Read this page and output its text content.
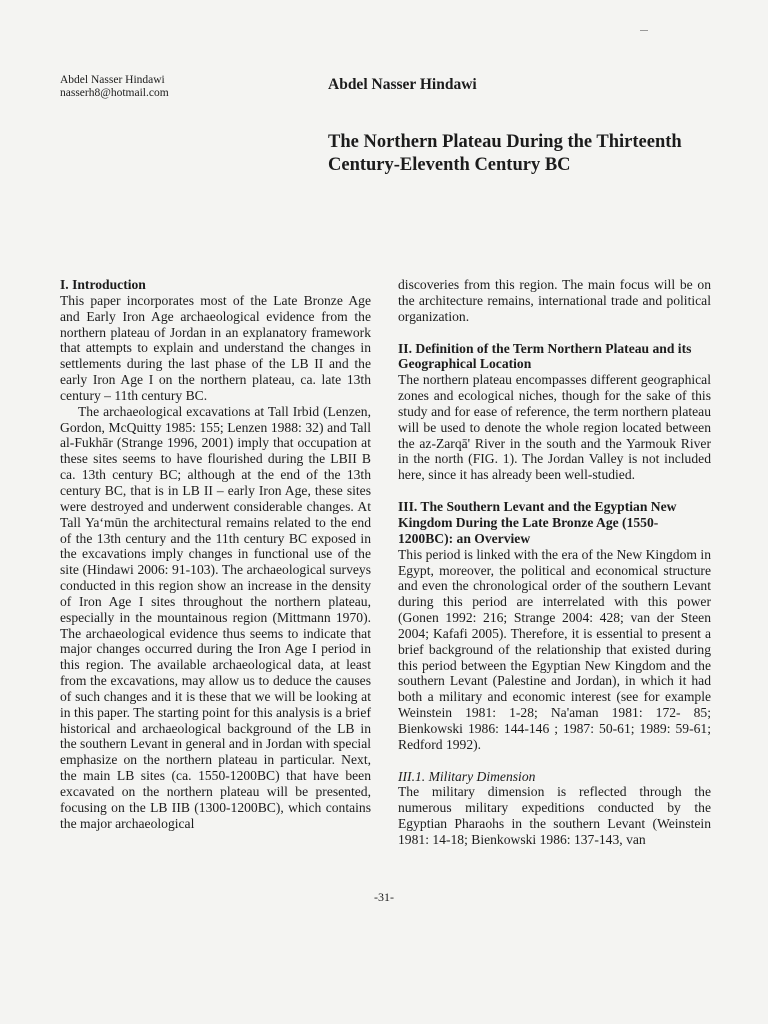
Abdel Nasser Hindawi
nasserh8@hotmail.com	Abdel Nasser Hindawi
The Northern Plateau During the Thirteenth Century-Eleventh Century BC
I. Introduction

This paper incorporates most of the Late Bronze Age and Early Iron Age archaeological evidence from the northern plateau of Jordan in an explanatory framework that attempts to explain and understand the changes in settlements during the last phase of the LB II and the early Iron Age I on the northern plateau, ca. late 13th century – 11th century BC.

The archaeological excavations at Tall Irbid (Lenzen, Gordon, McQuitty 1985: 155; Lenzen 1988: 32) and Tall al-Fukhār (Strange 1996, 2001) imply that occupation at these sites seems to have flourished during the LBII B ca. 13th century BC; although at the end of the 13th century BC, that is in LB II – early Iron Age, these sites were destroyed and underwent considerable changes. At Tall Ya‘mūn the architectural remains related to the end of the 13th century and the 11th century BC exposed in the excavations imply changes in functional use of the site (Hindawi 2006: 91-103). The archaeological surveys conducted in this region show an increase in the density of Iron Age I sites throughout the northern plateau, especially in the mountainous region (Mittmann 1970). The archaeological evidence thus seems to indicate that major changes occurred during the Iron Age I period in this region. The available archaeological data, at least from the excavations, may allow us to deduce the causes of such changes and it is these that we will be looking at in this paper. The starting point for this analysis is a brief historical and archaeological background of the LB in the southern Levant in general and in Jordan with special emphasize on the northern plateau in particular. Next, the main LB sites (ca. 1550-1200BC) that have been excavated on the northern plateau will be presented, focusing on the LB IIB (1300-1200BC), which contains the major archaeological

discoveries from this region. The main focus will be on the architecture remains, international trade and political organization.

II. Definition of the Term Northern Plateau and its Geographical Location

The northern plateau encompasses different geographical zones and ecological niches, though for the sake of this study and for ease of reference, the term northern plateau will be used to denote the whole region located between the az-Zarqā' River in the south and the Yarmouk River in the north (FIG. 1). The Jordan Valley is not included here, since it has already been well-studied.

III. The Southern Levant and the Egyptian New Kingdom During the Late Bronze Age (1550-1200BC): an Overview

This period is linked with the era of the New Kingdom in Egypt, moreover, the political and economical structure and even the chronological order of the southern Levant during this period are interrelated with this power (Gonen 1992: 216; Strange 2004: 428; van der Steen 2004; Kafafi 2005). Therefore, it is essential to present a brief background of the relationship that existed during this period between the Egyptian New Kingdom and the southern Levant (Palestine and Jordan), in which it had both a military and economic interest (see for example Weinstein 1981: 1-28; Na'aman 1981: 172- 85; Bienkowski 1986: 144-146 ; 1987: 50-61; 1989: 59-61; Redford 1992).

III.1. Military Dimension

The military dimension is reflected through the numerous military expeditions conducted by the Egyptian Pharaohs in the southern Levant (Weinstein 1981: 14-18; Bienkowski 1986: 137-143, van

-31-
